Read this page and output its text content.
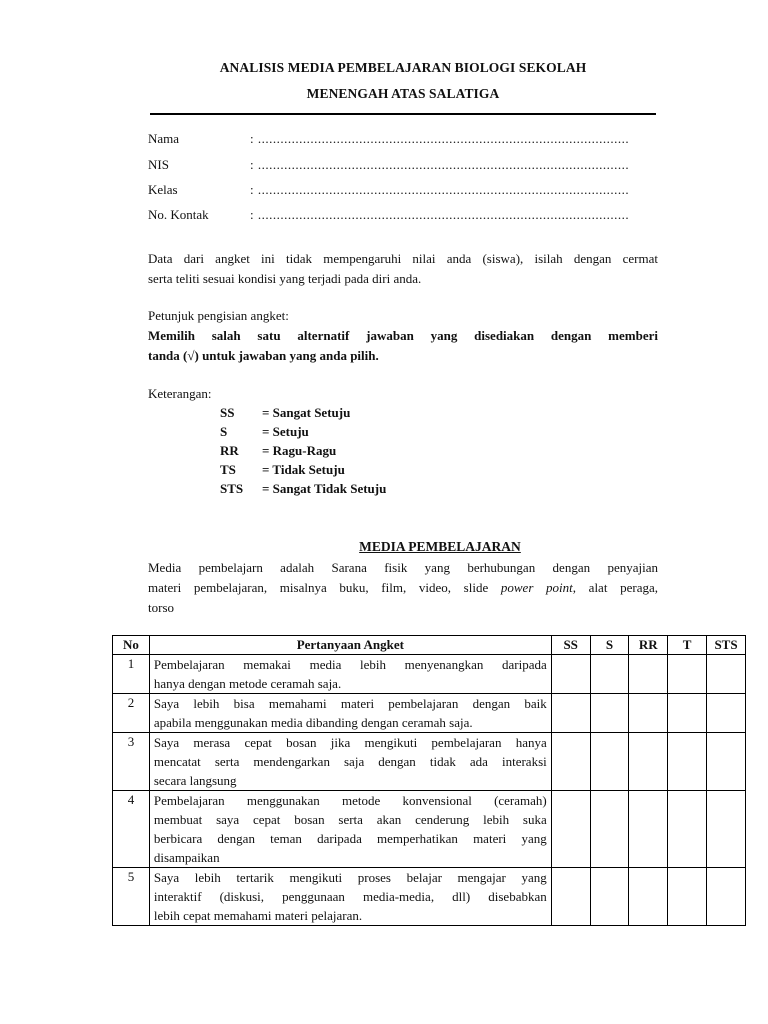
ANALISIS MEDIA PEMBELAJARAN BIOLOGI SEKOLAH
MENENGAH ATAS SALATIGA
Nama	: ...................................................................................................
NIS	: ...................................................................................................
Kelas	: ...................................................................................................
No. Kontak	: ...................................................................................................
Data dari angket ini tidak mempengaruhi nilai anda (siswa), isilah dengan cermat
serta teliti sesuai kondisi yang terjadi pada diri anda.
Petunjuk pengisian angket:
Memilih salah satu alternatif jawaban yang disediakan dengan memberi
tanda (√) untuk jawaban yang anda pilih.
Keterangan:
SS = Sangat Setuju
S	= Setuju
RR = Ragu-Ragu
TS = Tidak Setuju
STS = Sangat Tidak Setuju
MEDIA PEMBELAJARAN
Media pembelajarn adalah Sarana fisik yang berhubungan dengan penyajian
materi pembelajaran, misalnya buku, film, video, slide power point, alat peraga,
torso
No	Pertanyaan Angket	SS	S	RR	T	STS
1	Pembelajaran memakai media lebih menyenangkan daripada
hanya dengan metode ceramah saja.					

2	Saya lebih bisa memahami materi pembelajaran dengan baik
apabila menggunakan media dibanding dengan ceramah saja.					

3	Saya merasa cepat bosan jika mengikuti pembelajaran hanya
mencatat serta mendengarkan saja dengan tidak ada interaksi
secara langsung					

4	Pembelajaran menggunakan metode konvensional (ceramah)
membuat saya cepat bosan serta akan cenderung lebih suka
berbicara dengan teman daripada memperhatikan materi yang
disampaikan					

5	Saya lebih tertarik mengikuti proses belajar mengajar yang
interaktif (diskusi, penggunaan media-media, dll) disebabkan
lebih cepat memahami materi pelajaran.					
